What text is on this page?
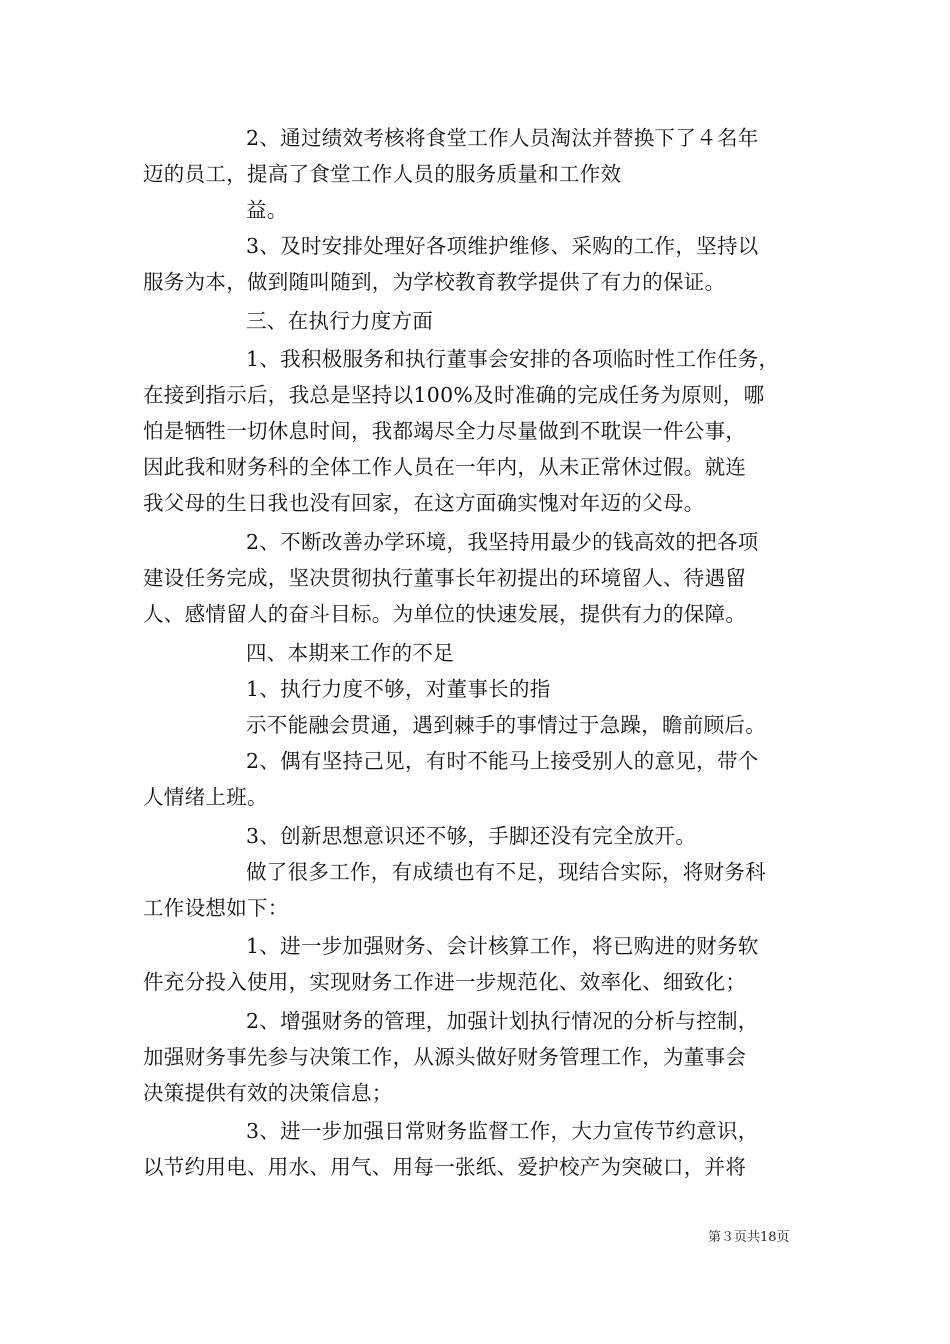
2、通过绩效考核将食堂工作人员淘汰并替换下了４名年
迈的员工，提高了食堂工作人员的服务质量和工作效
益。
3、及时安排处理好各项维护维修、采购的工作，坚持以
服务为本，做到随叫随到，为学校教育教学提供了有力的保证。
三、在执行力度方面
1、我积极服务和执行董事会安排的各项临时性工作任务，
在接到指示后，我总是坚持以100%及时准确的完成任务为原则，哪
怕是牺牲一切休息时间，我都竭尽全力尽量做到不耽误一件公事，
因此我和财务科的全体工作人员在一年内，从未正常休过假。就连
我父母的生日我也没有回家，在这方面确实愧对年迈的父母。
2、不断改善办学环境，我坚持用最少的钱高效的把各项
建设任务完成，坚决贯彻执行董事长年初提出的环境留人、待遇留
人、感情留人的奋斗目标。为单位的快速发展，提供有力的保障。
四、本期来工作的不足
1、执行力度不够，对董事长的指
示不能融会贯通，遇到棘手的事情过于急躁，瞻前顾后。
2、偶有坚持己见，有时不能马上接受别人的意见，带个
人情绪上班。
3、创新思想意识还不够，手脚还没有完全放开。
做了很多工作，有成绩也有不足，现结合实际，将财务科
工作设想如下：
1、进一步加强财务、会计核算工作，将已购进的财务软
件充分投入使用，实现财务工作进一步规范化、效率化、细致化；
2、增强财务的管理，加强计划执行情况的分析与控制，
加强财务事先参与决策工作，从源头做好财务管理工作，为董事会
决策提供有效的决策信息；
3、进一步加强日常财务监督工作，大力宣传节约意识，
以节约用电、用水、用气、用每一张纸、爱护校产为突破口，并将
第３页共18页
